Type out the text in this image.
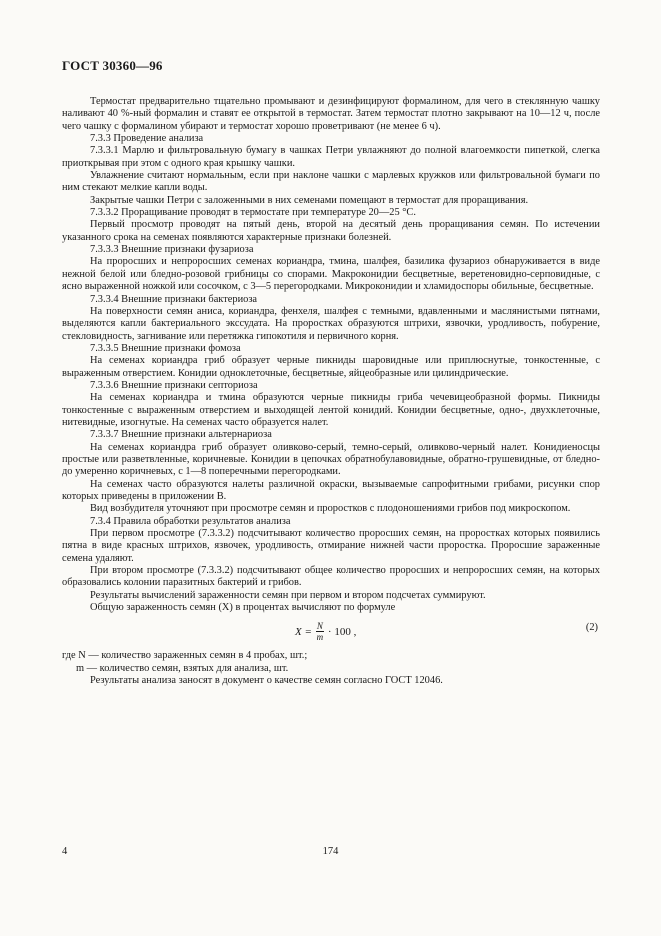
ГОСТ 30360—96

Термостат предварительно тщательно промывают и дезинфицируют формалином, для чего в стеклянную чашку наливают 40 %-ный формалин и ставят ее открытой в термостат. Затем термостат плотно закрывают на 10—12 ч, после чего чашку с формалином убирают и термостат хорошо проветривают (не менее 6 ч).

7.3.3 Проведение анализа

7.3.3.1 Марлю и фильтровальную бумагу в чашках Петри увлажняют до полной влагоемкости пипеткой, слегка приоткрывая при этом с одного края крышку чашки.

Увлажнение считают нормальным, если при наклоне чашки с марлевых кружков или фильтровальной бумаги по ним стекают мелкие капли воды.

Закрытые чашки Петри с заложенными в них семенами помещают в термостат для проращивания.

7.3.3.2 Проращивание проводят в термостате при температуре 20—25 °С.

Первый просмотр проводят на пятый день, второй на десятый день проращивания семян. По истечении указанного срока на семенах появляются характерные признаки болезней.

7.3.3.3 Внешние признаки фузариоза

На проросших и непроросших семенах кориандра, тмина, шалфея, базилика фузариоз обнаруживается в виде нежной белой или бледно-розовой грибницы со спорами. Макроконидии бесцветные, веретеновидно-серповидные, с ясно выраженной ножкой или сосочком, с 3—5 перегородками. Микроконидии и хламидоспоры обильные, бесцветные.

7.3.3.4 Внешние признаки бактериоза

На поверхности семян аниса, кориандра, фенхеля, шалфея с темными, вдавленными и маслянистыми пятнами, выделяются капли бактериального экссудата. На проростках образуются штрихи, язвочки, уродливость, побурение, стекловидность, загнивание или перетяжка гипокотиля и первичного корня.

7.3.3.5 Внешние признаки фомоза

На семенах кориандра гриб образует черные пикниды шаровидные или приплюснутые, тонкостенные, с выраженным отверстием. Конидии одноклеточные, бесцветные, яйцеобразные или цилиндрические.

7.3.3.6 Внешние признаки септориоза

На семенах кориандра и тмина образуются черные пикниды гриба чечевицеобразной формы. Пикниды тонкостенные с выраженным отверстием и выходящей лентой конидий. Конидии бесцветные, одно-, двухклеточные, нитевидные, изогнутые. На семенах часто образуется налет.

7.3.3.7 Внешние признаки альтернариоза

На семенах кориандра гриб образует оливково-серый, темно-серый, оливково-черный налет. Конидиеносцы простые или разветвленные, коричневые. Конидии в цепочках обратнобулавовидные, обратно-грушевидные, от бледно- до умеренно коричневых, с 1—8 поперечными перегородками.

На семенах часто образуются налеты различной окраски, вызываемые сапрофитными грибами, рисунки спор которых приведены в приложении В.

Вид возбудителя уточняют при просмотре семян и проростков с плодоношениями грибов под микроскопом.

7.3.4 Правила обработки результатов анализа

При первом просмотре (7.3.3.2) подсчитывают количество проросших семян, на проростках которых появились пятна в виде красных штрихов, язвочек, уродливость, отмирание нижней части проростка. Проросшие зараженные семена удаляют.

При втором просмотре (7.3.3.2) подсчитывают общее количество проросших и непроросших семян, на которых образовались колонии паразитных бактерий и грибов.

Результаты вычислений зараженности семян при первом и втором подсчетах суммируют.

Общую зараженность семян (X) в процентах вычисляют по формуле

$X = \frac{N}{m} \cdot 100$ ,	(2)

где N — количество зараженных семян в 4 пробах, шт.;

m — количество семян, взятых для анализа, шт.

Результаты анализа заносят в документ о качестве семян согласно ГОСТ 12046.

4	174
